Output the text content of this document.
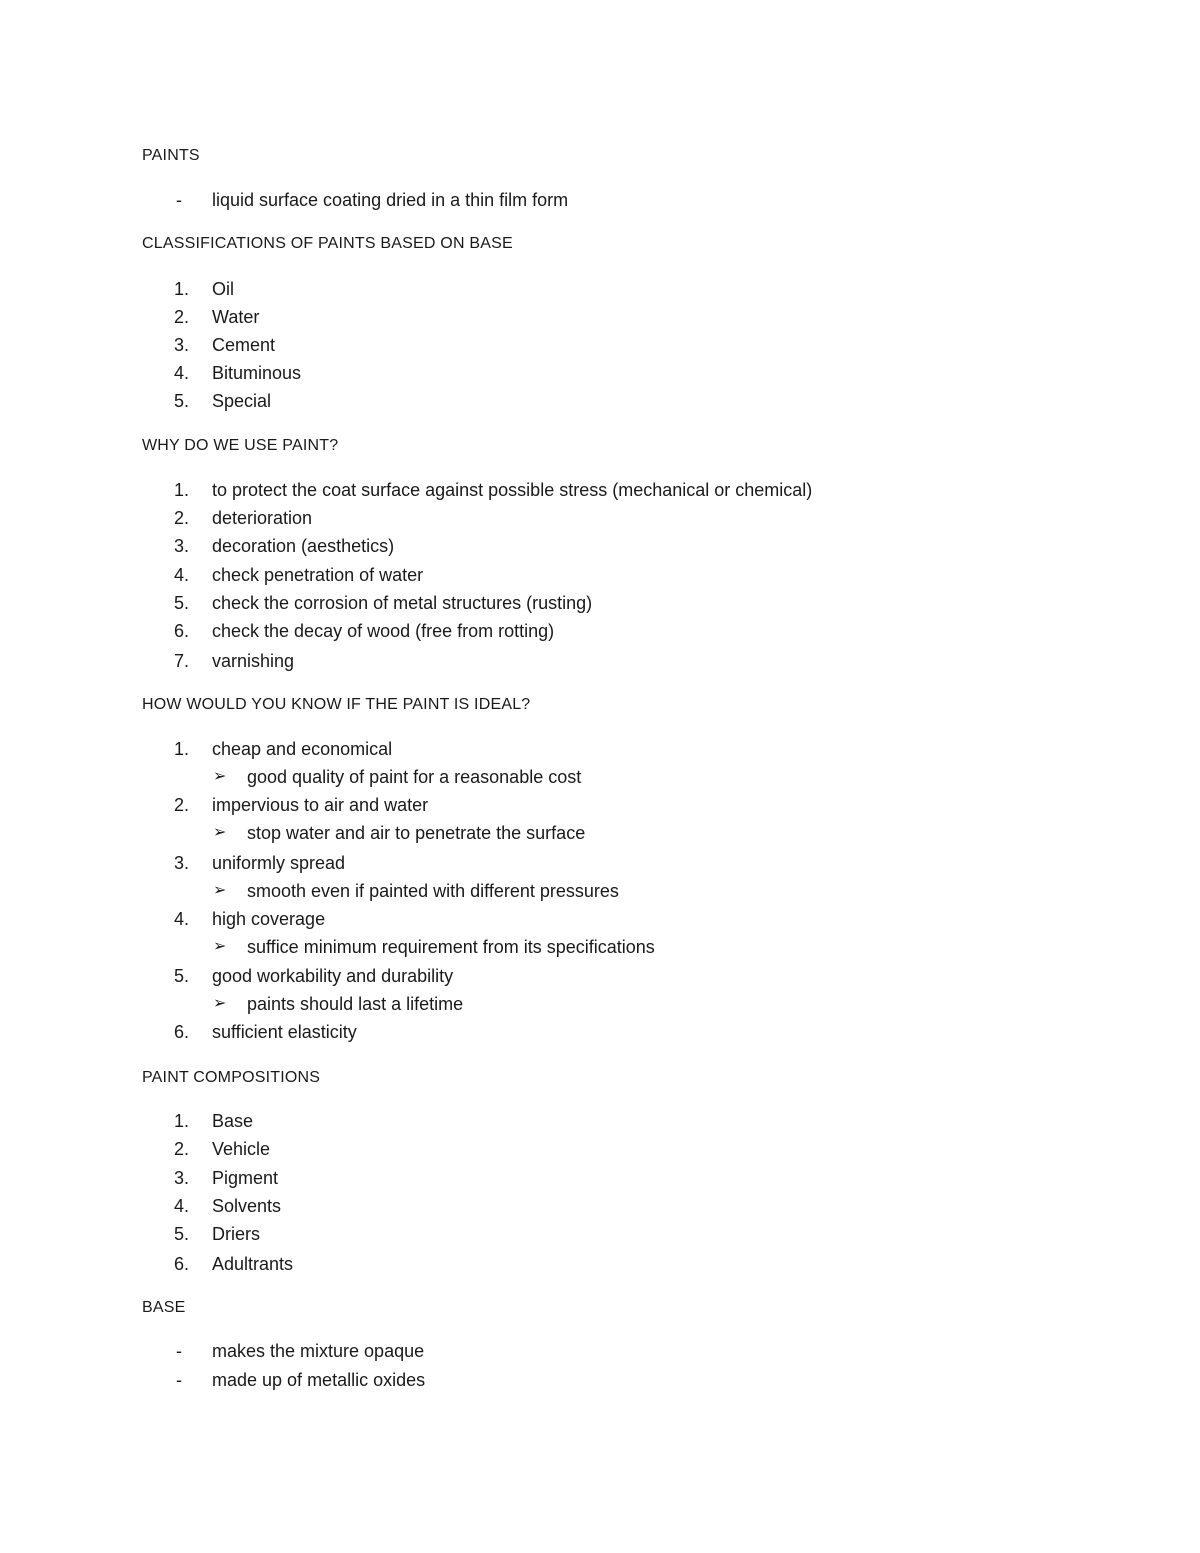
PAINTS
- liquid surface coating dried in a thin film form
CLASSIFICATIONS OF PAINTS BASED ON BASE
1. Oil
2. Water
3. Cement
4. Bituminous
5. Special
WHY DO WE USE PAINT?
1. to protect the coat surface against possible stress (mechanical or chemical)
2. deterioration
3. decoration (aesthetics)
4. check penetration of water
5. check the corrosion of metal structures (rusting)
6. check the decay of wood (free from rotting)
7. varnishing
HOW WOULD YOU KNOW IF THE PAINT IS IDEAL?
1. cheap and economical
➢ good quality of paint for a reasonable cost
2. impervious to air and water
➢ stop water and air to penetrate the surface
3. uniformly spread
➢ smooth even if painted with different pressures
4. high coverage
➢ suffice minimum requirement from its specifications
5. good workability and durability
➢ paints should last a lifetime
6. sufficient elasticity
PAINT COMPOSITIONS
1. Base
2. Vehicle
3. Pigment
4. Solvents
5. Driers
6. Adultrants
BASE
- makes the mixture opaque
- made up of metallic oxides
